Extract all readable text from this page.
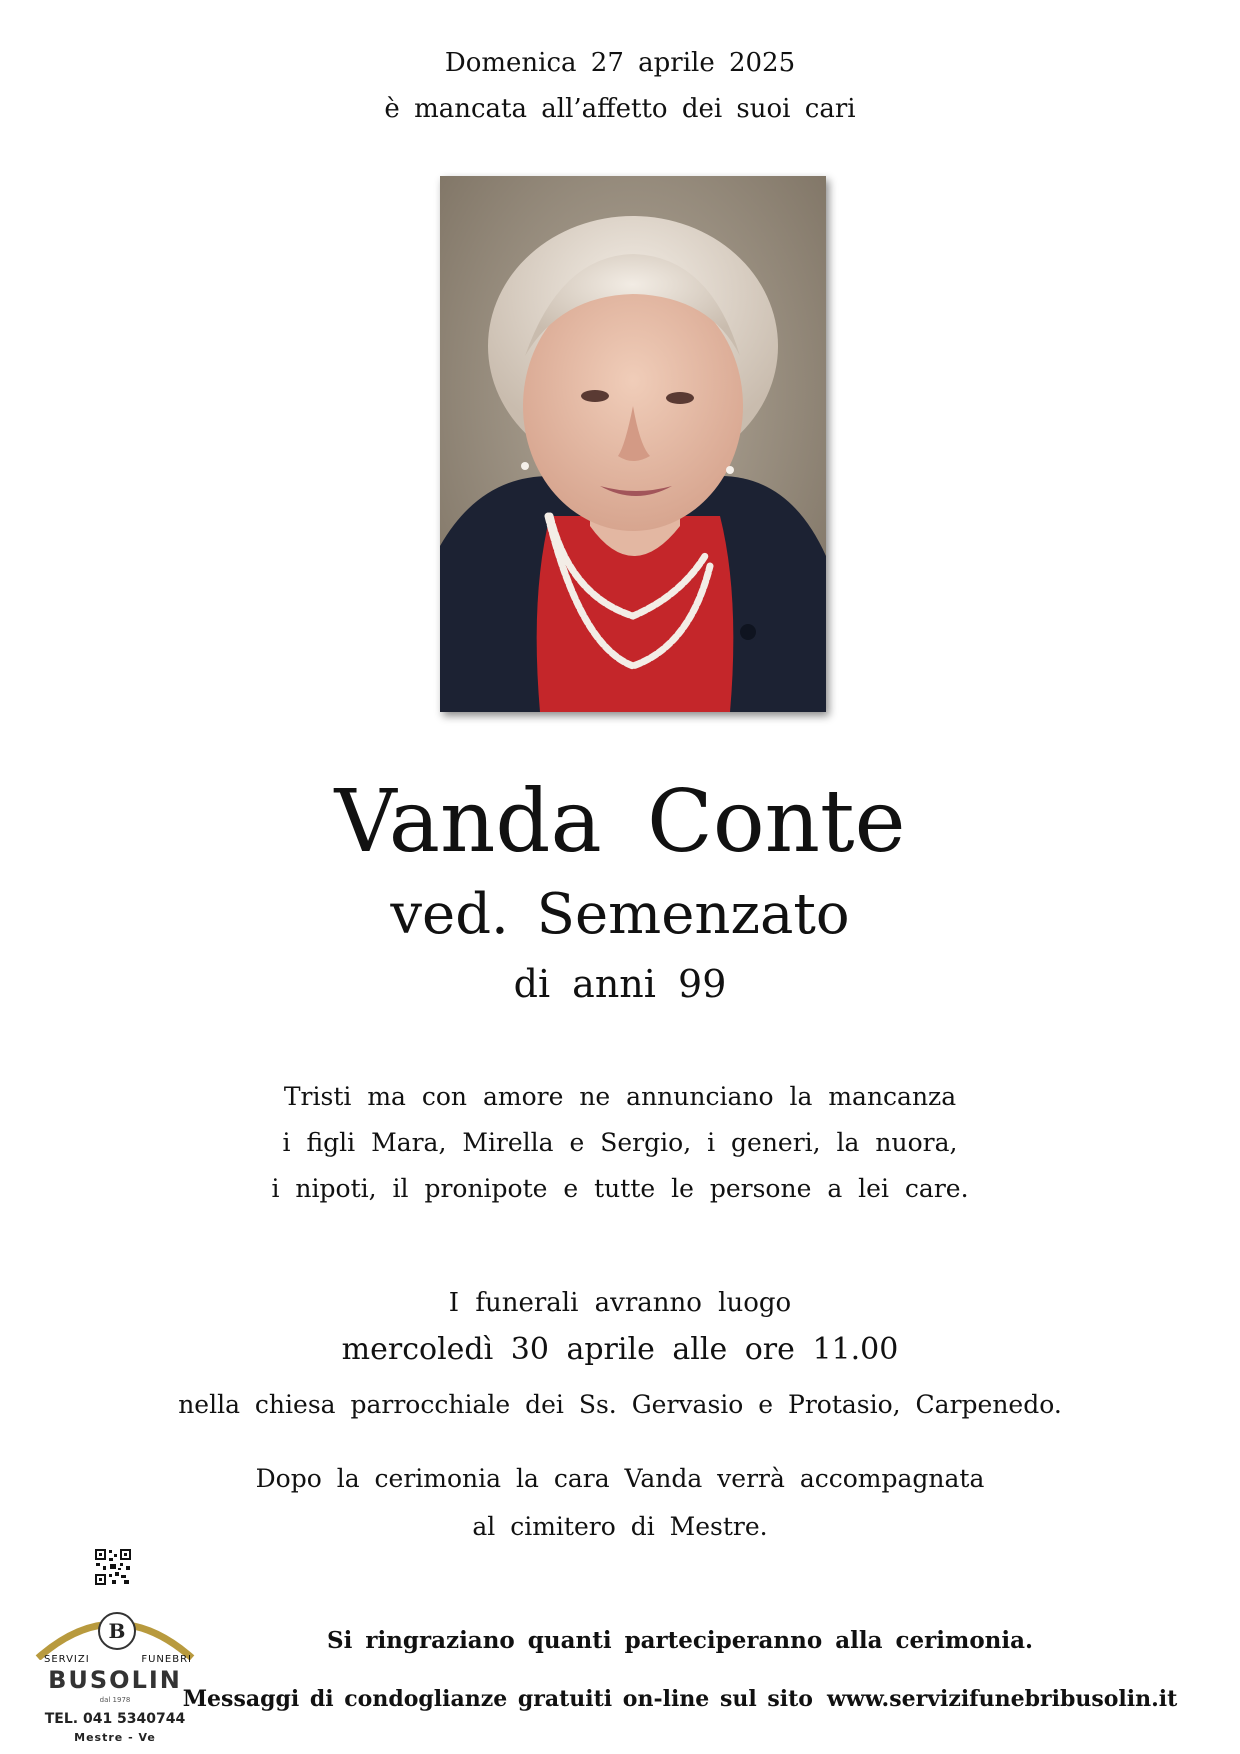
Domenica 27 aprile 2025
è mancata all’affetto dei suoi cari
Vanda Conte
ved. Semenzato
di anni 99
Tristi ma con amore ne annunciano la mancanza
i figli Mara, Mirella e Sergio, i generi, la nuora,
i nipoti, il pronipote e tutte le persone a lei care.
I funerali avranno luogo
mercoledì 30 aprile alle ore 11.00
nella chiesa parrocchiale dei Ss. Gervasio e Protasio, Carpenedo.
Dopo la cerimonia la cara Vanda verrà accompagnata
al cimitero di Mestre.
Si ringraziano quanti parteciperanno alla cerimonia.
Messaggi di condoglianze gratuiti on-line sul sito www.servizifunebribusolin.it
B
SERVIZI	FUNEBRI
BUSOLIN
dal 1978
TEL. 041 5340744
Mestre - Ve
